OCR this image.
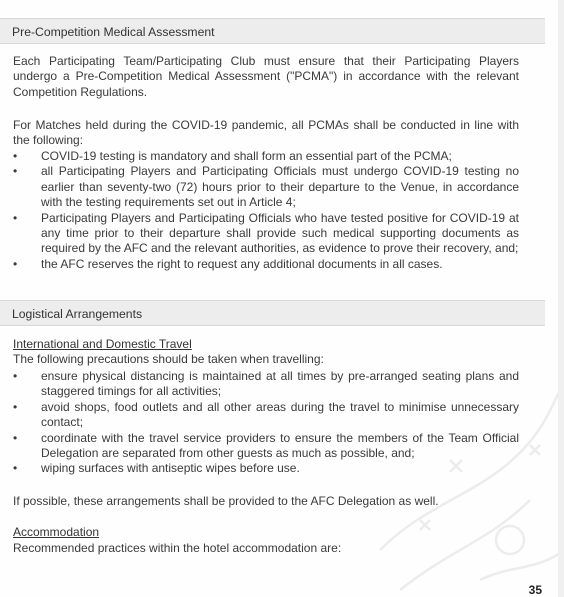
Pre-Competition Medical Assessment
Each Participating Team/Participating Club must ensure that their Participating Players undergo a Pre-Competition Medical Assessment ("PCMA") in accordance with the relevant Competition Regulations.
For Matches held during the COVID-19 pandemic, all PCMAs shall be conducted in line with the following:
• COVID-19 testing is mandatory and shall form an essential part of the PCMA;
• all Participating Players and Participating Officials must undergo COVID-19 testing no earlier than seventy-two (72) hours prior to their departure to the Venue, in accordance with the testing requirements set out in Article 4;
• Participating Players and Participating Officials who have tested positive for COVID-19 at any time prior to their departure shall provide such medical supporting documents as required by the AFC and the relevant authorities, as evidence to prove their recovery, and;
• the AFC reserves the right to request any additional documents in all cases.
Logistical Arrangements
International and Domestic Travel
The following precautions should be taken when travelling:
• ensure physical distancing is maintained at all times by pre-arranged seating plans and staggered timings for all activities;
• avoid shops, food outlets and all other areas during the travel to minimise unnecessary contact;
• coordinate with the travel service providers to ensure the members of the Team Official Delegation are separated from other guests as much as possible, and;
• wiping surfaces with antiseptic wipes before use.
If possible, these arrangements shall be provided to the AFC Delegation as well.
Accommodation
Recommended practices within the hotel accommodation are:
35
